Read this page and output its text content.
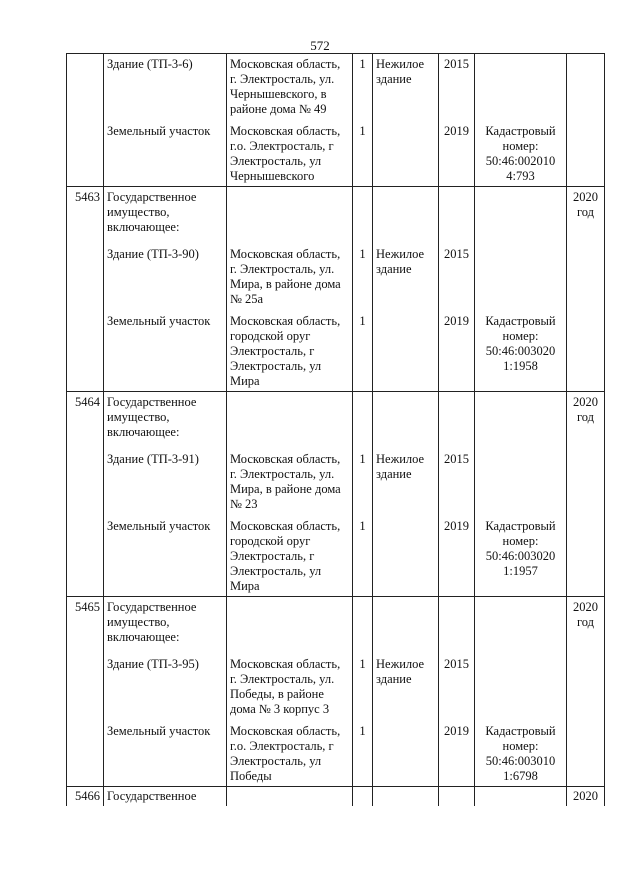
572

	Здание (ТП-3-6)	Московская область, г. Электросталь, ул. Чернышевского, в районе дома № 49	1	Нежилое здание	2015		

	Земельный участок	Московская область, г.о. Электросталь, г Электросталь, ул Чернышевского	1		2019	Кадастровый номер: 50:46:002010 4:793	

5463	Государственное имущество, включающее:						2020 год

	Здание (ТП-3-90)	Московская область, г. Электросталь, ул. Мира, в районе дома № 25а	1	Нежилое здание	2015		

	Земельный участок	Московская область, городской оруг Электросталь, г Электросталь, ул Мира	1		2019	Кадастровый номер: 50:46:003020 1:1958	

5464	Государственное имущество, включающее:						2020 год

	Здание (ТП-3-91)	Московская область, г. Электросталь, ул. Мира, в районе дома № 23	1	Нежилое здание	2015		

	Земельный участок	Московская область, городской оруг Электросталь, г Электросталь, ул Мира	1		2019	Кадастровый номер: 50:46:003020 1:1957	

5465	Государственное имущество, включающее:						2020 год

	Здание (ТП-3-95)	Московская область, г. Электросталь, ул. Победы, в районе дома № 3 корпус 3	1	Нежилое здание	2015		

	Земельный участок	Московская область, г.о. Электросталь, г Электросталь, ул Победы	1		2019	Кадастровый номер: 50:46:003010 1:6798	

5466	Государственное						2020
